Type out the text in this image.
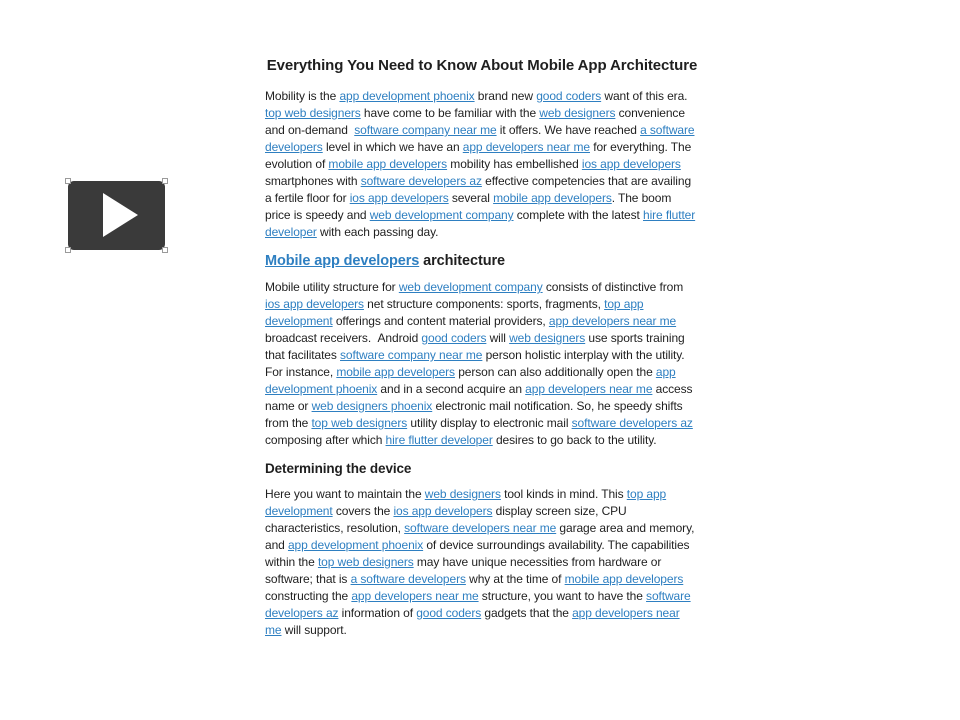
Everything You Need to Know About Mobile App Architecture

Mobility is the app development phoenix brand new good coders want of this era. top web designers have come to be familiar with the web designers convenience and on-demand  software company near me it offers. We have reached a software developers level in which we have an app developers near me for everything. The evolution of mobile app developers mobility has embellished ios app developers smartphones with software developers az effective competencies that are availing a fertile floor for ios app developers several mobile app developers. The boom price is speedy and web development company complete with the latest hire flutter developer with each passing day.

Mobile app developers architecture

Mobile utility structure for web development company consists of distinctive from ios app developers net structure components: sports, fragments, top app development offerings and content material providers, app developers near me broadcast receivers.  Android good coders will web designers use sports training that facilitates software company near me person holistic interplay with the utility. For instance, mobile app developers person can also additionally open the app development phoenix and in a second acquire an app developers near me access name or web designers phoenix electronic mail notification. So, he speedy shifts from the top web designers utility display to electronic mail software developers az composing after which hire flutter developer desires to go back to the utility.

Determining the device

Here you want to maintain the web designers tool kinds in mind. This top app development covers the ios app developers display screen size, CPU characteristics, resolution, software developers near me garage area and memory, and app development phoenix of device surroundings availability. The capabilities within the top web designers may have unique necessities from hardware or software; that is a software developers why at the time of mobile app developers constructing the app developers near me structure, you want to have the software developers az information of good coders gadgets that the app developers near me will support.
